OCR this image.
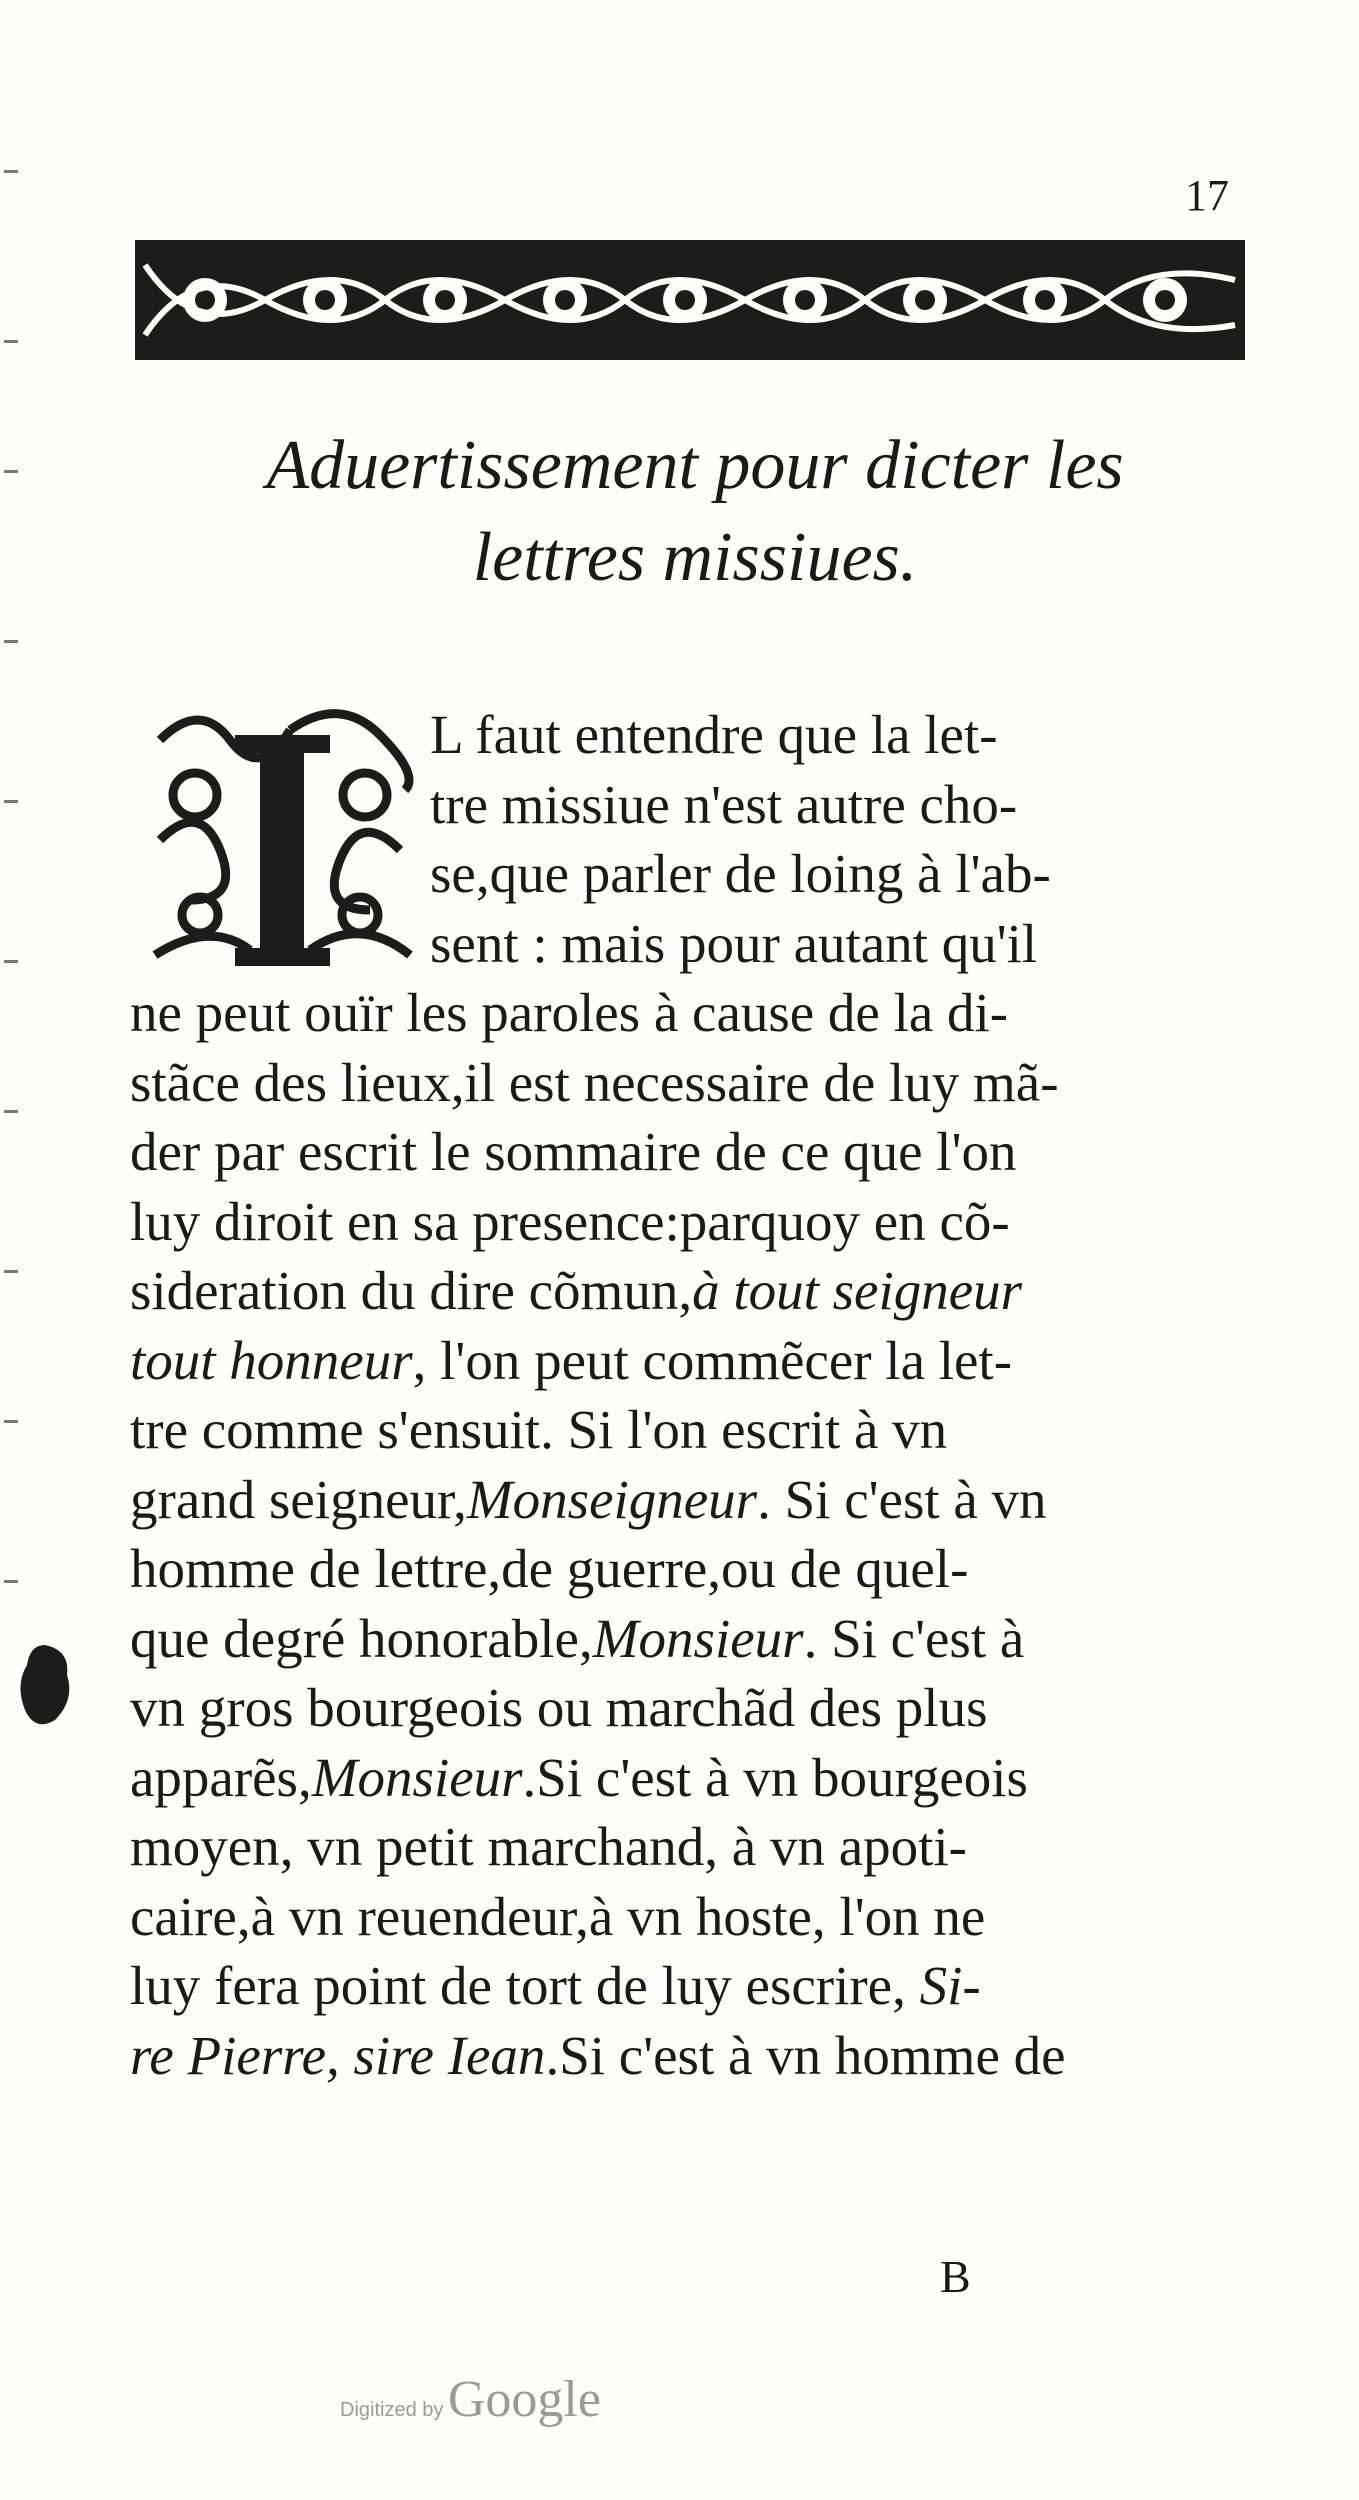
17
Aduertissement pour dicter les
lettres missiues.
L faut entendre que la let-
tre missiue n'est autre cho-
se,que parler de loing à l'ab-
sent : mais pour autant qu'il
ne peut ouïr les paroles à cause de la di-
stãce des lieux,il est necessaire de luy mã-
der par escrit le sommaire de ce que l'on
luy diroit en sa presence:parquoy en cõ-
sideration du dire cõmun,à tout seigneur
tout honneur, l'on peut commẽcer la let-
tre comme s'ensuit. Si l'on escrit à vn
grand seigneur,Monseigneur. Si c'est à vn
homme de lettre,de guerre,ou de quel-
que degré honorable,Monsieur. Si c'est à
vn gros bourgeois ou marchãd des plus
apparẽs,Monsieur.Si c'est à vn bourgeois
moyen, vn petit marchand, à vn apoti-
caire,à vn reuendeur,à vn hoste, l'on ne
luy fera point de tort de luy escrire, Si-
re Pierre, sire Iean.Si c'est à vn homme de
B
Digitized by Google
